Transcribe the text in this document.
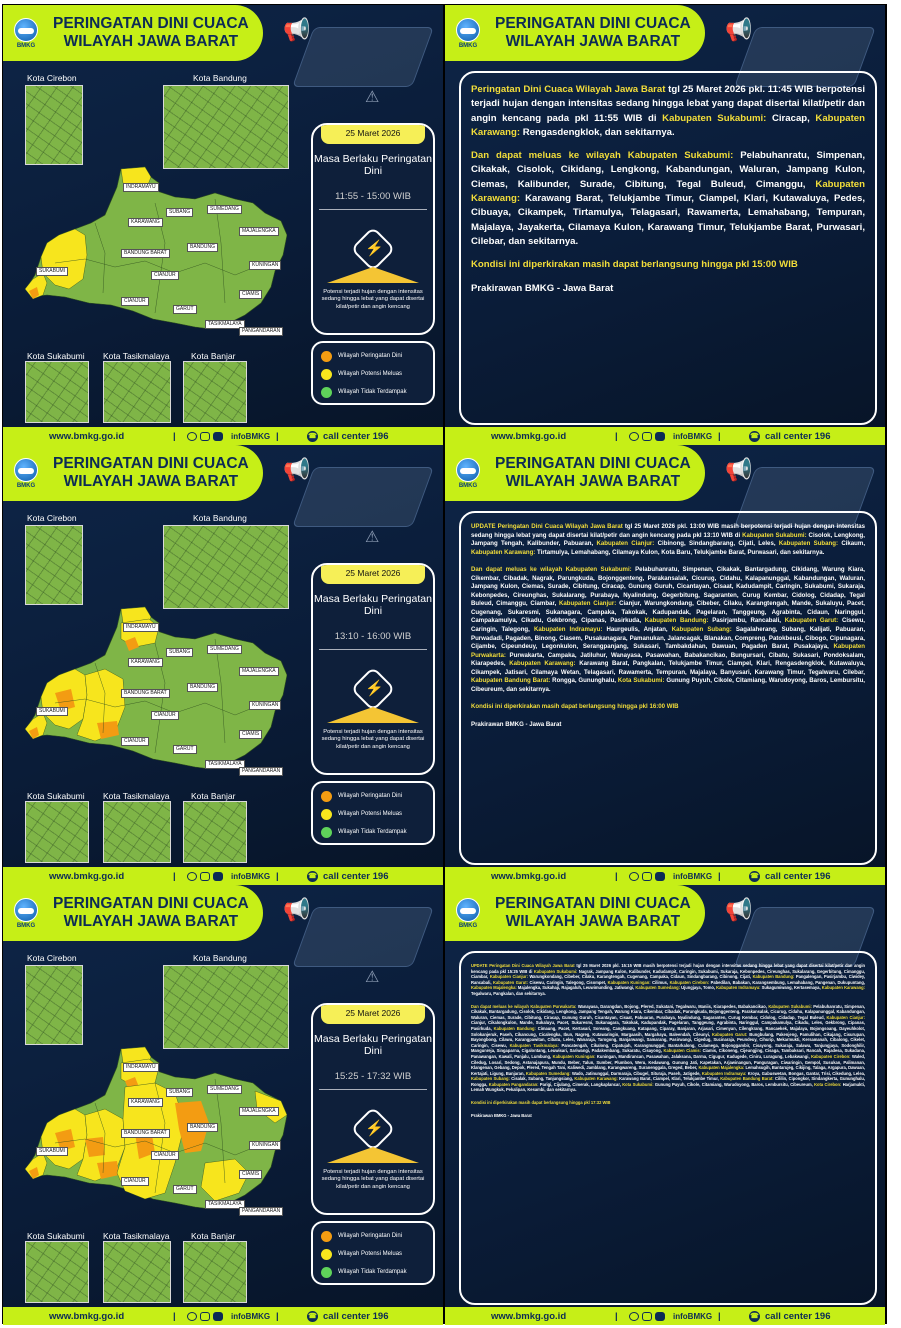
BMKG
PERINGATAN DINI CUACA
WILAYAH JAWA BARAT	📢
⚠
Kota Cirebon	Kota Bandung
INDRAMAYU
SUBANG
KARAWANG
SUMEDANG
MAJALENGKA
BANDUNG BARAT
BANDUNG
KUNINGAN
SUKABUMI
CIANJUR
CIANJUR
GARUT
CIAMIS
TASIKMALAYA
PANGANDARAN
Kota Sukabumi Kota Tasikmalaya	Kota Banjar
25 Maret 2026
Masa Berlaku Peringatan Dini
11:55 - 15:00 WIB
⚡
Potensi terjadi hujan dengan intensitas sedang hingga lebat yang dapat disertai kilat/petir dan angin kencang
Wilayah Peringatan Dini
Wilayah Potensi Meluas
Wilayah Tidak Terdampak
www.bmkg.go.id	|	infoBMKG |	☎ call center 196
BMKG
PERINGATAN DINI CUACA
WILAYAH JAWA BARAT	📢
Peringatan Dini Cuaca Wilayah Jawa Barat tgl 25 Maret 2026 pkl. 11:45 WIB berpotensi terjadi hujan dengan intensitas sedang hingga lebat yang dapat disertai kilat/petir dan angin kencang pada pkl 11:55 WIB di Kabupaten Sukabumi: Ciracap, Kabupaten Karawang: Rengasdengklok, dan sekitarnya.
Dan dapat meluas ke wilayah Kabupaten Sukabumi: Pelabuhanratu, Simpenan, Cikakak, Cisolok, Cikidang, Lengkong, Kabandungan, Waluran, Jampang Kulon, Ciemas, Kalibunder, Surade, Cibitung, Tegal Buleud, Cimanggu, Kabupaten Karawang: Karawang Barat, Telukjambe Timur, Ciampel, Klari, Kutawaluya, Pedes, Cibuaya, Cikampek, Tirtamulya, Telagasari, Rawamerta, Lemahabang, Tempuran, Majalaya, Jayakerta, Cilamaya Kulon, Karawang Timur, Telukjambe Barat, Purwasari, Cilebar, dan sekitarnya.
Kondisi ini diperkirakan masih dapat berlangsung hingga pkl 15:00 WIB
Prakirawan BMKG - Jawa Barat
www.bmkg.go.id	|	infoBMKG |	☎ call center 196
BMKG
PERINGATAN DINI CUACA
WILAYAH JAWA BARAT	📢
⚠
Kota Cirebon	Kota Bandung
INDRAMAYU
SUBANG
KARAWANG
SUMEDANG
MAJALENGKA
BANDUNG BARAT
BANDUNG
KUNINGAN
SUKABUMI
CIANJUR
CIANJUR
GARUT
CIAMIS
TASIKMALAYA
PANGANDARAN
Kota Sukabumi Kota Tasikmalaya	Kota Banjar
25 Maret 2026
Masa Berlaku Peringatan Dini
13:10 - 16:00 WIB
⚡
Potensi terjadi hujan dengan intensitas sedang hingga lebat yang dapat disertai kilat/petir dan angin kencang
Wilayah Peringatan Dini
Wilayah Potensi Meluas
Wilayah Tidak Terdampak
www.bmkg.go.id	|	infoBMKG |	☎ call center 196
BMKG
PERINGATAN DINI CUACA
WILAYAH JAWA BARAT	📢
UPDATE Peringatan Dini Cuaca Wilayah Jawa Barat tgl 25 Maret 2026 pkl. 13:00 WIB masih berpotensi terjadi hujan dengan intensitas sedang hingga lebat yang dapat disertai kilat/petir dan angin kencang pada pkl 13:10 WIB di Kabupaten Sukabumi: Cisolok, Lengkong, Jampang Tengah, Kalibunder, Pabuaran, Kabupaten Cianjur: Cibinong, Sindangbarang, Cijati, Leles, Kabupaten Subang: Cikaum, Kabupaten Karawang: Tirtamulya, Lemahabang, Cilamaya Kulon, Kota Baru, Telukjambe Barat, Purwasari, dan sekitarnya.
Dan dapat meluas ke wilayah Kabupaten Sukabumi: Pelabuhanratu, Simpenan, Cikakak, Bantargadung, Cikidang, Warung Kiara, Cikembar, Cibadak, Nagrak, Parungkuda, Bojonggenteng, Parakansalak, Cicurug, Cidahu, Kalapanunggal, Kabandungan, Waluran, Jampang Kulon, Ciemas, Surade, Cibitung, Ciracap, Gunung Guruh, Cicantayan, Cisaat, Kadudampit, Caringin, Sukabumi, Sukaraja, Kebonpedes, Cireunghas, Sukalarang, Purabaya, Nyalindung, Gegerbitung, Sagaranten, Curug Kembar, Cidolog, Cidadap, Tegal Buleud, Cimanggu, Ciambar, Kabupaten Cianjur: Cianjur, Warungkondang, Cibeber, Cilaku, Karangtengah, Mande, Sukaluyu, Pacet, Cugenang, Sukaresmi, Sukanagara, Campaka, Takokak, Kadupandak, Pagelaran, Tanggeung, Agrabinta, Cidaun, Naringgul, Campakamulya, Cikadu, Gekbrong, Cipanas, Pasirkuda, Kabupaten Bandung: Pasirjambu, Rancabali, Kabupaten Garut: Cisewu, Caringin, Talegong, Kabupaten Indramayu: Haurgeulis, Anjatan, Kabupaten Subang: Sagalaherang, Subang, Kalijati, Pabuaran, Purwadadi, Pagaden, Binong, Ciasem, Pusakanagara, Pamanukan, Jalancagak, Blanakan, Compreng, Patokbeusi, Cibogo, Cipunagara, Cijambe, Cipeundeuy, Legonkulon, Serangpanjang, Sukasari, Tambakdahan, Dawuan, Pagaden Barat, Pusakajaya, Kabupaten Purwakarta: Purwakarta, Campaka, Jatiluhur, Wanayasa, Pasawahan, Babakancikao, Bungursari, Cibatu, Sukasari, Pondoksalam, Kiarapedes, Kabupaten Karawang: Karawang Barat, Pangkalan, Telukjambe Timur, Ciampel, Klari, Rengasdengklok, Kutawaluya, Cikampek, Jatisari, Cilamaya Wetan, Telagasari, Rawamerta, Tempuran, Majalaya, Banyusari, Karawang Timur, Tegalwaru, Cilebar, Kabupaten Bandung Barat: Rongga, Gununghalu, Kota Sukabumi: Gunung Puyuh, Cikole, Citamiang, Warudoyong, Baros, Lembursitu, Cibeureum, dan sekitarnya.
Kondisi ini diperkirakan masih dapat berlangsung hingga pkl 16:00 WIB
Prakirawan BMKG - Jawa Barat
www.bmkg.go.id	|	infoBMKG |	☎ call center 196
BMKG
PERINGATAN DINI CUACA
WILAYAH JAWA BARAT	📢
⚠
Kota Cirebon	Kota Bandung
INDRAMAYU
SUBANG
KARAWANG
SUMEDANG
MAJALENGKA
BANDUNG BARAT
BANDUNG
KUNINGAN
SUKABUMI
CIANJUR
CIANJUR
GARUT
CIAMIS
TASIKMALAYA
PANGANDARAN
Kota Sukabumi Kota Tasikmalaya	Kota Banjar
25 Maret 2026
Masa Berlaku Peringatan Dini
15:25 - 17:32 WIB
⚡
Potensi terjadi hujan dengan intensitas sedang hingga lebat yang dapat disertai kilat/petir dan angin kencang
Wilayah Peringatan Dini
Wilayah Potensi Meluas
Wilayah Tidak Terdampak
www.bmkg.go.id	|	infoBMKG |	☎ call center 196
BMKG
PERINGATAN DINI CUACA
WILAYAH JAWA BARAT	📢
UPDATE Peringatan Dini Cuaca Wilayah Jawa Barat tgl 25 Maret 2026 pkl. 15:15 WIB masih berpotensi terjadi hujan dengan intensitas sedang hingga lebat yang dapat disertai kilat/petir dan angin kencang pada pkl 15:25 WIB di Kabupaten Sukabumi: Nagrak, Jampang Kulon, Kalibunder, Kadudampit, Caringin, Sukabumi, Sukaraja, Kebonpedes, Cireunghas, Sukalarang, Gegerbitung, Cimanggu, Ciambar, Kabupaten Cianjur: Warungkondang, Cibeber, Cilaku, Karangtengah, Cugenang, Campaka, Cidaun, Sindangbarang, Cibinong, Cijati, Kabupaten Bandung: Pangalengan, Pasirjambu, Ciwidey, Rancabali, Kabupaten Garut: Cisewu, Caringin, Talegong, Cisompet, Kabupaten Kuningan: Cilimus, Kabupaten Cirebon: Pabedilan, Babakan, Karangsembung, Lemahabang, Pangenan, Dukupuntang, Kabupaten Majalengka: Majalengka, Sukahaji, Rajagaluh, Leuwimunding, Jatiwangi, Kabupaten Sumedang: Ujungjaya, Tomo, Kabupaten Indramayu: Sukagumiwang, Kertasemaya, Kabupaten Karawang: Tegalwaru, Pangkalan, dan sekitarnya.
Dan dapat meluas ke wilayah Kabupaten Purwakarta: Wanayasa, Darangdan, Bojong, Plered, Sukatani, Tegalwaru, Maniis, Kiarapedes, Babakancikao, Kabupaten Sukabumi: Pelabuhanratu, Simpenan, Cikakak, Bantargadung, Cisolok, Cikidang, Lengkong, Jampang Tengah, Warung Kiara, Cikembar, Cibadak, Parungkuda, Bojonggenteng, Parakansalak, Cicurug, Cidahu, Kalapanunggal, Kabandungan, Waluran, Ciemas, Surade, Cibitung, Ciracap, Gunung Guruh, Cicantayan, Cisaat, Pabuaran, Purabaya, Nyalindung, Sagaranten, Curug Kembar, Cidolog, Cidadap, Tegal Buleud, Kabupaten Cianjur: Cianjur, Cikalongkulon, Mande, Sukaluyu, Pacet, Sukaresmi, Sukanagara, Takokak, Kadupandak, Pagelaran, Tanggeung, Agrabinta, Naringgul, Campakamulya, Cikadu, Leles, Gekbrong, Cipanas, Pasirkuda, Kabupaten Bandung: Cimaung, Pacet, Kertasari, Soreang, Cangkuang, Katapang, Ciparay, Banjaran, Arjasari, Cimenyan, Cilengkrang, Rancaekek, Majalaya, Bojongsoang, Dayeuhkolot, Solokanjeruk, Paseh, Cikancung, Cicalengka, Ibun, Nagreg, Kutawaringin, Margaasih, Margahayu, Baleendah, Cileunyi, Kabupaten Garut: Bungbulang, Pakenjeng, Pamulihan, Cikajang, Cisurupan, Bayongbong, Cilawu, Karangpawitan, Cibatu, Leles, Wanaraja, Tarogong, Banjarwangi, Samarang, Pasirwangi, Cigedug, Sucinaraja, Peundeuy, Cihurip, Mekarmukti, Kersamanah, Cibalong, Cikelet, Caringin, Cisewu, Kabupaten Tasikmalaya: Pancatengah, Cikalong, Cipatujah, Karangnunggal, Bantarkalong, Culamega, Bojonggambir, Cisayong, Sukaraja, Salawu, Tanjungjaya, Sodonghilir, Mangunreja, Singaparna, Cigalontang, Leuwisari, Sariwangi, Padakembang, Sukaratu, Cisayong, Kabupaten Ciamis: Ciamis, Cikoneng, Cijeungjing, Cisaga, Tambaksari, Rancah, Rajadesa, Sukadana, Panawangan, Kawali, Panjalu, Lumbung, Kabupaten Kuningan: Kuningan, Mandirancan, Pasawahan, Jalaksana, Darma, Cigugur, Kadugede, Ciniru, Luragung, Lebakwangi, Kabupaten Cirebon: Waled, Ciledug, Losari, Sedong, Astanajapura, Mundu, Beber, Talun, Sumber, Plumbon, Weru, Kedawung, Gunung Jati, Kapetakan, Arjawinangun, Panguragan, Ciwaringin, Gempol, Susukan, Palimanan, Klangenan, Gebang, Depok, Plered, Tengah Tani, Kaliwedi, Jamblang, Karangwareng, Suranenggala, Greged, Beber, Kabupaten Majalengka: Lemahsugih, Bantarujeg, Cikijing, Talaga, Argapura, Dawuan, Kertajati, Ligung, Banjaran, Kabupaten Sumedang: Wado, Jatinunggal, Darmaraja, Cibugel, Situraja, Paseh, Jatigede, Kabupaten Indramayu: Kroya, Gabuswetan, Bongas, Gantar, Trisi, Cikedung, Lelea, Kabupaten Subang: Cisalak, Subang, Tanjungsiang, Kabupaten Karawang: Karawang Barat, Ciampel, Klari, Telukjambe Timur, Kabupaten Bandung Barat: Cililin, Cipongkor, Sindangkerta, Gununghalu, Rongga, Kabupaten Pangandaran: Parigi, Cijulang, Cimerak, Langkaplancar, Kota Sukabumi: Gunung Puyuh, Cikole, Citamiang, Warudoyong, Baros, Lembursitu, Cibeureum, Kota Cirebon: Harjamukti, Lemah Wungkuk, Pekalipan, Kesambi, dan sekitarnya.
Kondisi ini diperkirakan masih dapat berlangsung hingga pkl 17:32 WIB
Prakirawan BMKG - Jawa Barat
www.bmkg.go.id	|	infoBMKG |	☎ call center 196
